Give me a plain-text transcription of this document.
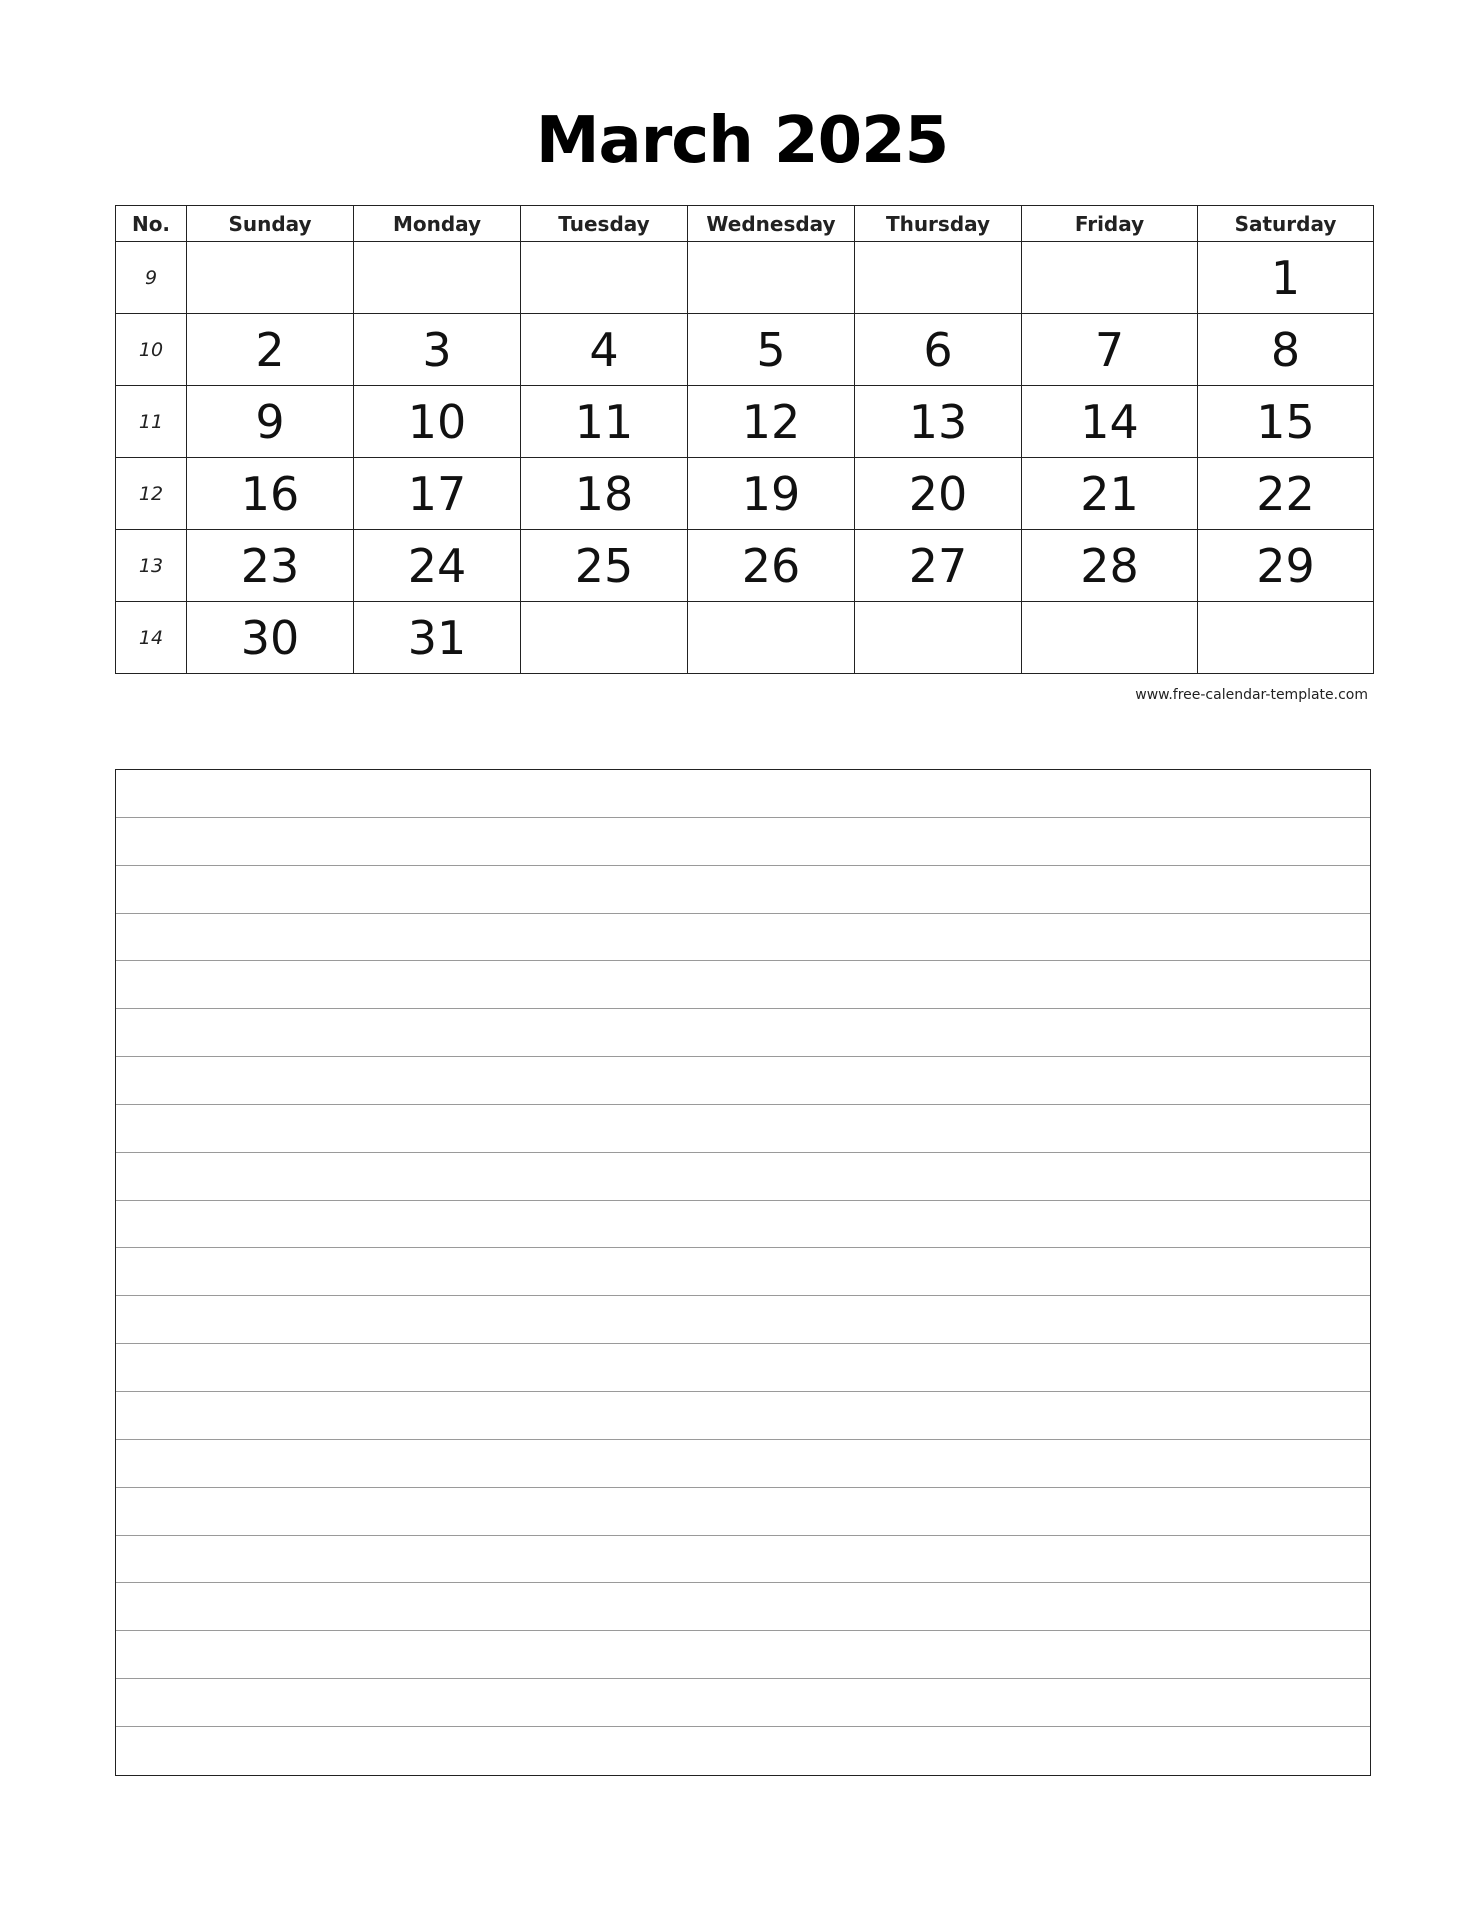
March 2025
No.	Sunday	Monday	Tuesday	Wednesday	Thursday	Friday	Saturday
9							1
10	2	3	4	5	6	7	8
11	9	10	11	12	13	14	15
12	16	17	18	19	20	21	22
13	23	24	25	26	27	28	29
14	30	31					
www.free-calendar-template.com
